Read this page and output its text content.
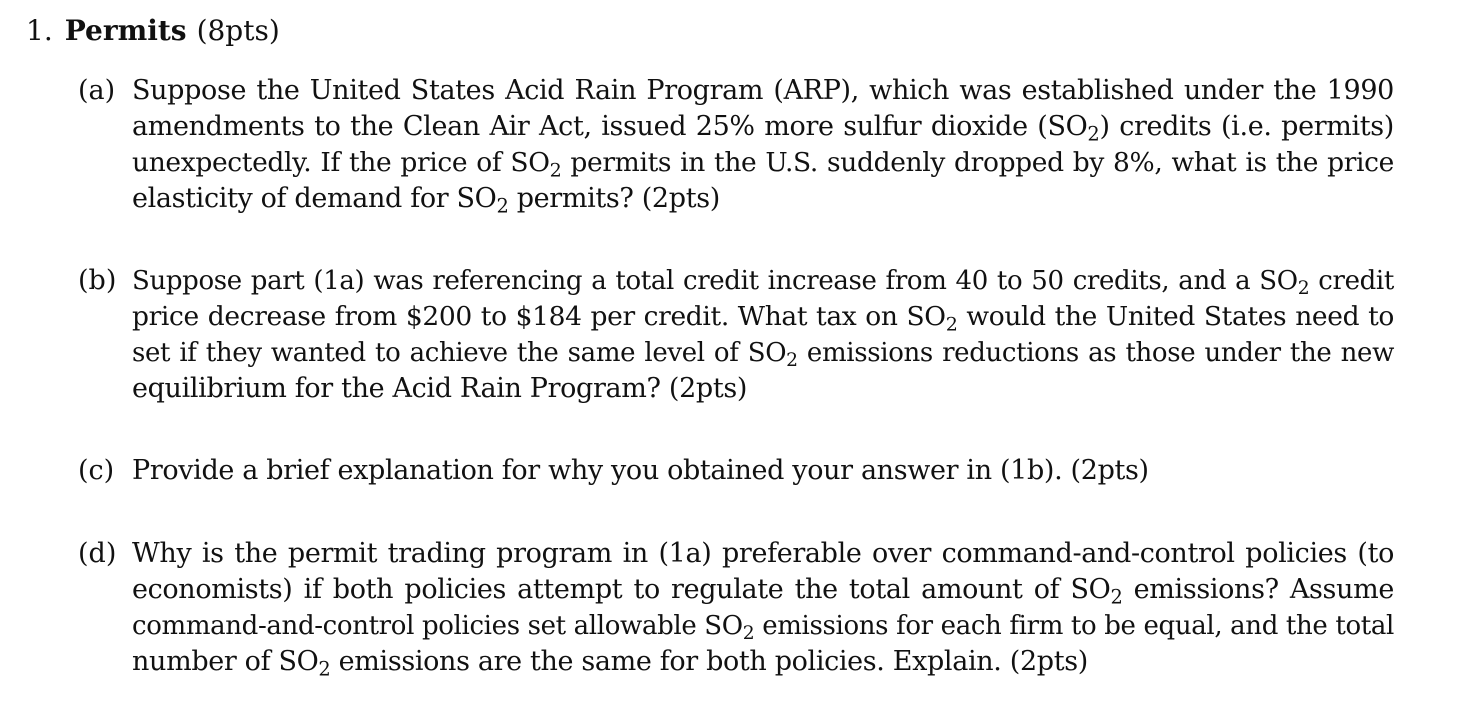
1. Permits (8pts)
(a) Suppose the United States Acid Rain Program (ARP), which was established under the 1990
amendments to the Clean Air Act, issued 25% more sulfur dioxide $(SO_2)$ credits (i.e. permits)
unexpectedly. If the price of $SO_2$ permits in the U.S. suddenly dropped by 8%, what is the price
elasticity of demand for $SO_2$ permits? (2pts)
(b) Suppose part (1a) was referencing a total credit increase from 40 to 50 credits, and a $SO_2$ credit
price decrease from $200 to $184 per credit. What tax on $SO_2$ would the United States need to
set if they wanted to achieve the same level of $SO_2$ emissions reductions as those under the new
equilibrium for the Acid Rain Program? (2pts)
(c) Provide a brief explanation for why you obtained your answer in (1b). (2pts)
(d) Why is the permit trading program in (1a) preferable over command-and-control policies (to
economists) if both policies attempt to regulate the total amount of $SO_2$ emissions? Assume
command-and-control policies set allowable $SO_2$ emissions for each firm to be equal, and the total
number of $SO_2$ emissions are the same for both policies. Explain. (2pts)
